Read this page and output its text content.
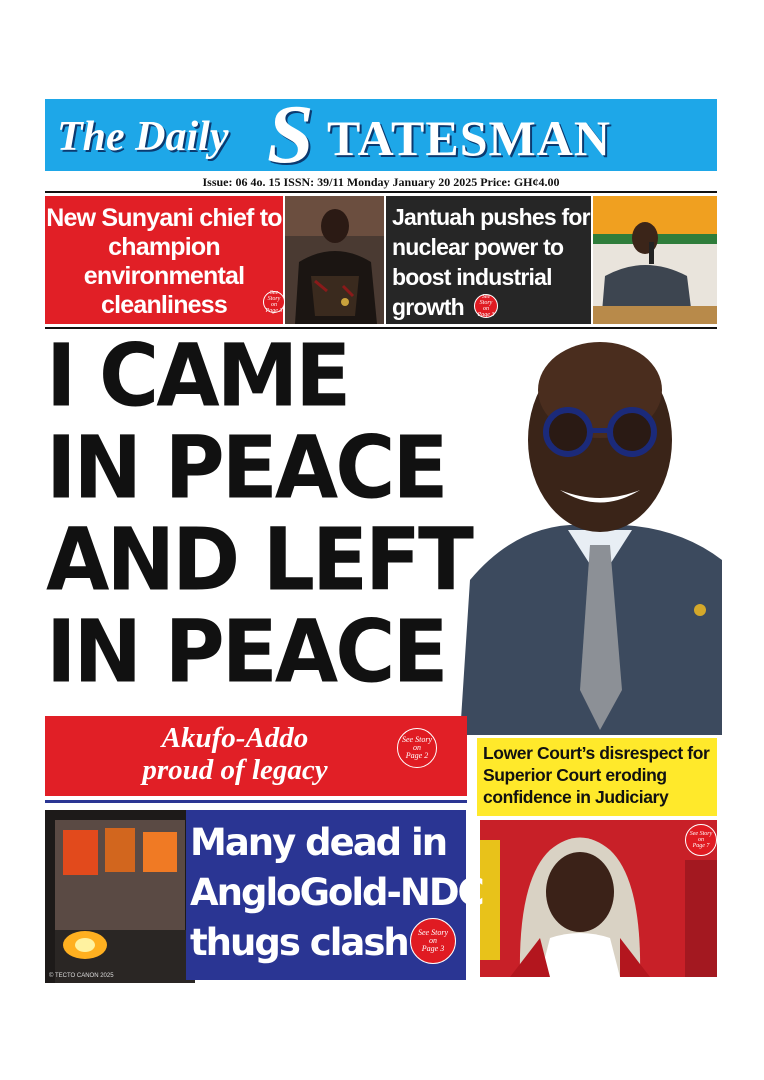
The Daily S TATESMAN
Issue: 06 4o. 15 ISSN: 39/11 Monday January 20 2025 Price: GH¢4.00
New Sunyani chief to champion environmental cleanliness	See Story
on
Page 3
Jantuah pushes for nuclear power to boost industrial growth	See Story
on
Page 3
I CAME
IN PEACE
AND LEFT
IN PEACE
Akufo-Addo
proud of legacy
See Story
on
Page 2	Lower Court’s disrespect for Superior Court eroding confidence in Judiciary
See Story
on
Page 7
© TECTO CANON 2025
Many dead in
AngloGold-NDC
thugs clash	See Story
on
Page 3
